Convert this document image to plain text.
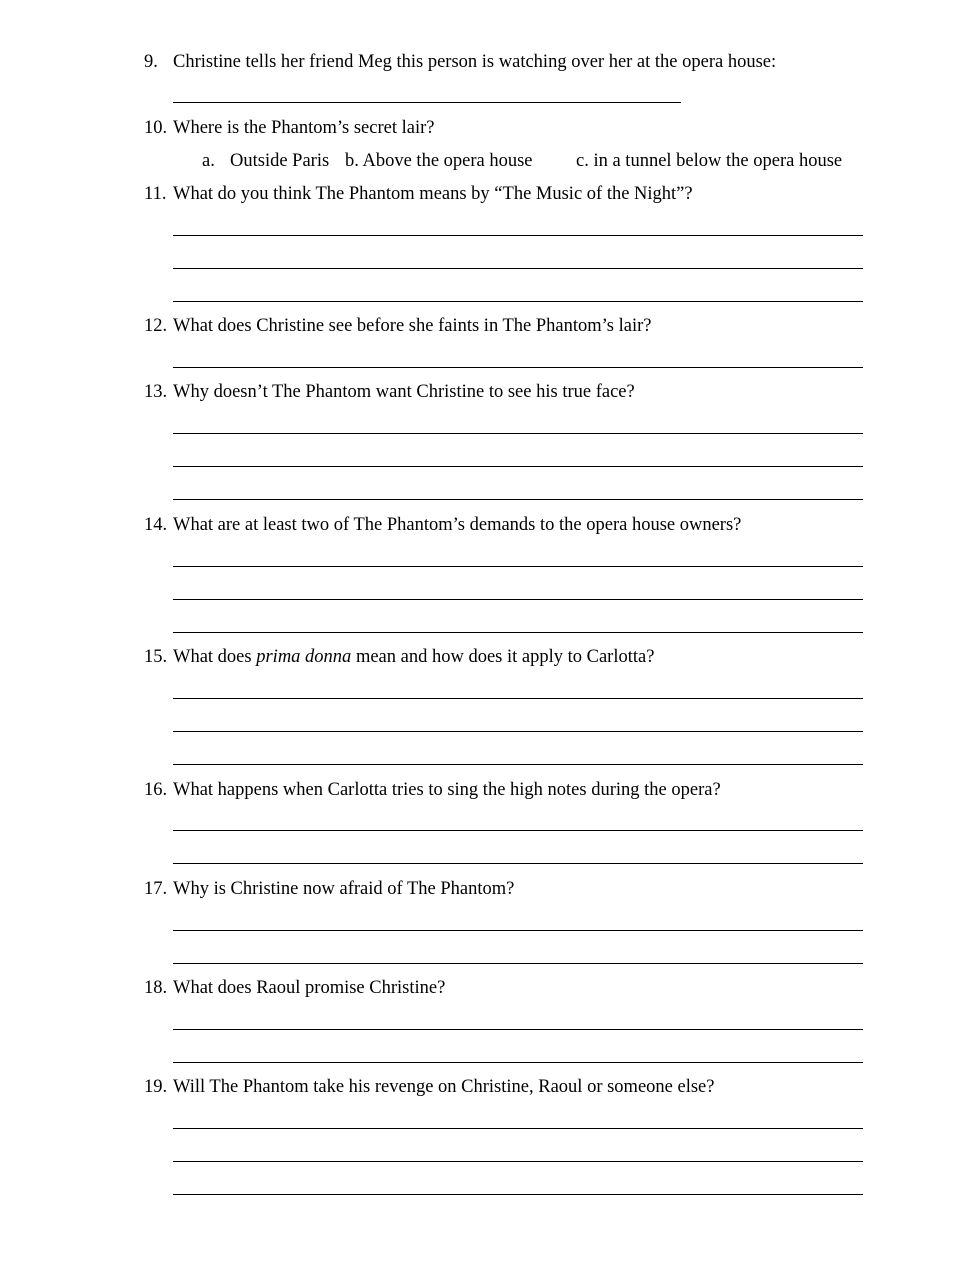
9. Christine tells her friend Meg this person is watching over her at the opera house:
10. Where is the Phantom’s secret lair?
a. Outside Paris b. Above the opera house c. in a tunnel below the opera house
11. What do you think The Phantom means by “The Music of the Night”?
12. What does Christine see before she faints in The Phantom’s lair?
13. Why doesn’t The Phantom want Christine to see his true face?
14. What are at least two of The Phantom’s demands to the opera house owners?
15. What does prima donna mean and how does it apply to Carlotta?
16. What happens when Carlotta tries to sing the high notes during the opera?
17. Why is Christine now afraid of The Phantom?
18. What does Raoul promise Christine?
19. Will The Phantom take his revenge on Christine, Raoul or someone else?
